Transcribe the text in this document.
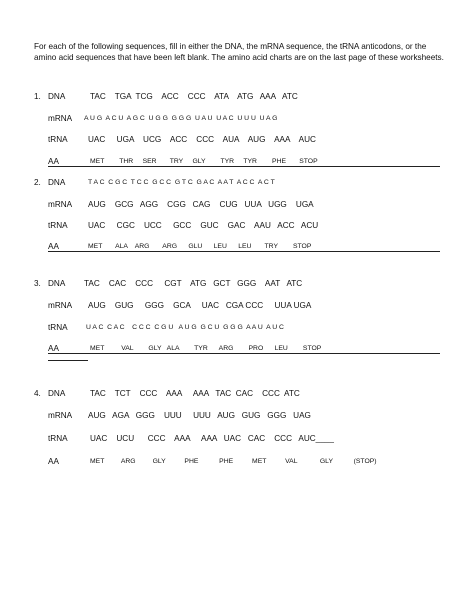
For each of the following sequences, fill in either the DNA, the mRNA sequence, the tRNA anticodons, or the amino acid sequences that have been left blank. The amino acid charts are on the last page of these worksheets.

1. DNA	TAC    TGA  TCG    ACC    CCC    ATA    ATG   AAA   ATC
mRNA A U G  A C U  A G C  U G G  G G G  U A U  U A C  U U U  U A G
tRNA UAC     UGA    UCG    ACC    CCC    AUA    AUG    AAA    AUC
AA	MET        THR     SER       TRY     GLY        TYR     TYR        PHE       STOP
2. DNA	T A C  C G C  T C C  G C C  G T C  G A C  A A T  A C C  A C T
mRNA AUG    GCG   AGG    CGG   CAG    CUG   UUA   UGG    UGA
tRNA UAC     CGC    UCC     GCC    GUC    GAC    AAU   ACC   ACU
AA	MET       ALA    ARG       ARG      GLU      LEU      LEU       TRY        STOP
3. DNA TAC    CAC    CCC     CGT    ATG   GCT   GGG    AAT   ATC
mRNA AUG    GUG     GGG    GCA     UAC   CGA CCC     UUA UGA
tRNA	U A C  C A C    C C C  C G U   A U G  G C U  G G G  A A U  A U C
AA	MET         VAL        GLY   ALA        TYR      ARG        PRO      LEU        STOP
4. DNA	TAC    TCT    CCC    AAA     AAA   TAC  CAC    CCC  ATC
mRNA AUG   AGA   GGG    UUU     UUU   AUG   GUG   GGG   UAG
tRNA	UAC    UCU      CCC    AAA     AAA   UAC   CAC    CCC   AUC____
AA	MET         ARG         GLY          PHE           PHE          MET          VAL            GLY           (STOP)
